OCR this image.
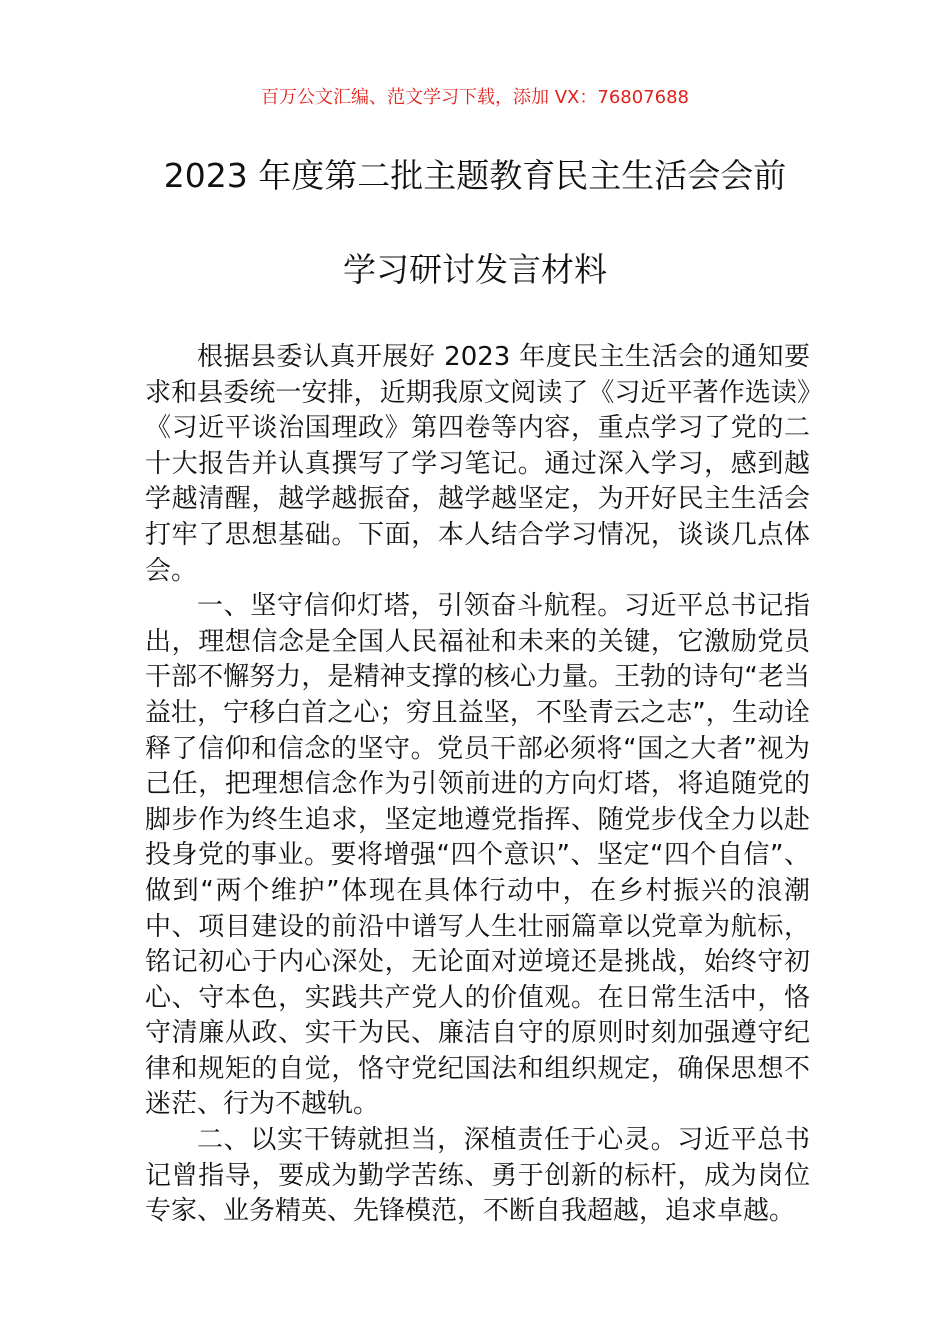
百万公文汇编、范文学习下载，添加 VX：76807688
2023 年度第二批主题教育民主生活会会前
学习研讨发言材料

根据县委认真开展好 2023 年度民主生活会的通知要求和县委统一安排，近期我原文阅读了《习近平著作选读》《习近平谈治国理政》第四卷等内容，重点学习了党的二十大报告并认真撰写了学习笔记。通过深入学习，感到越学越清醒，越学越振奋，越学越坚定，为开好民主生活会打牢了思想基础。下面，本人结合学习情况，谈谈几点体会。

一、坚守信仰灯塔，引领奋斗航程。习近平总书记指出，理想信念是全国人民福祉和未来的关键，它激励党员干部不懈努力，是精神支撑的核心力量。王勃的诗句“老当益壮，宁移白首之心；穷且益坚，不坠青云之志”，生动诠释了信仰和信念的坚守。党员干部必须将“国之大者”视为己任，把理想信念作为引领前进的方向灯塔，将追随党的脚步作为终生追求，坚定地遵党指挥、随党步伐全力以赴投身党的事业。要将增强“四个意识”、坚定“四个自信”、做到“两个维护”体现在具体行动中，在乡村振兴的浪潮中、项目建设的前沿中谱写人生壮丽篇章以党章为航标，铭记初心于内心深处，无论面对逆境还是挑战，始终守初心、守本色，实践共产党人的价值观。在日常生活中，恪守清廉从政、实干为民、廉洁自守的原则时刻加强遵守纪律和规矩的自觉，恪守党纪国法和组织规定，确保思想不迷茫、行为不越轨。

二、以实干铸就担当，深植责任于心灵。习近平总书记曾指导，要成为勤学苦练、勇于创新的标杆，成为岗位专家、业务精英、先锋模范，不断自我超越，追求卓越。
